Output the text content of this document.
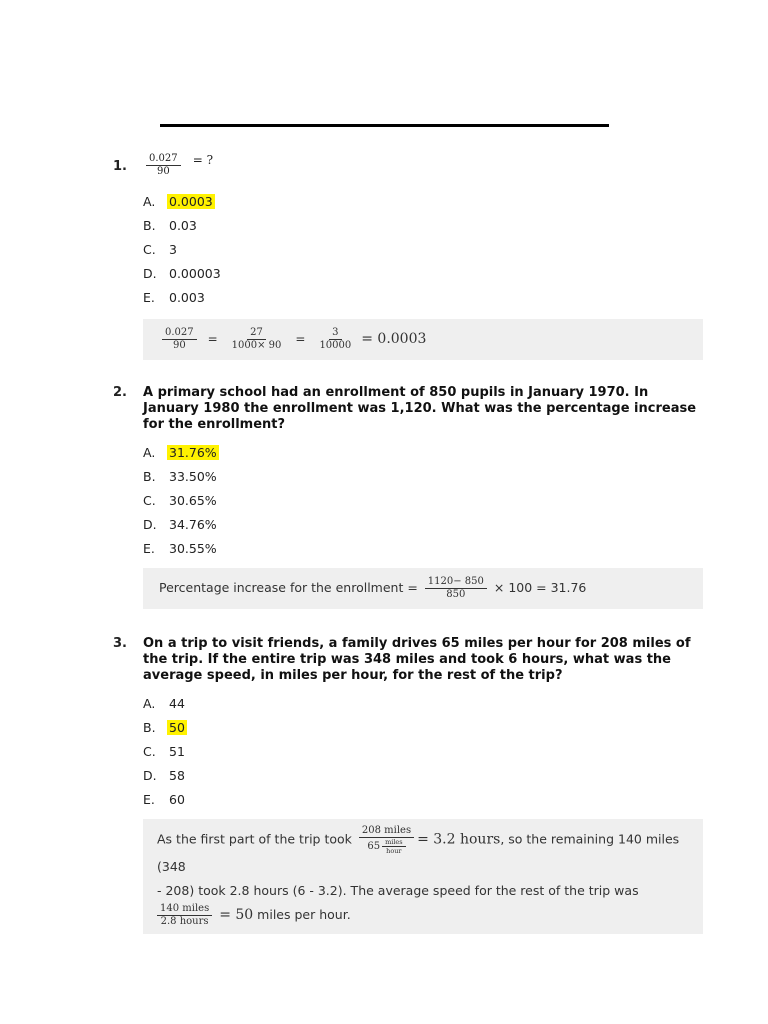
1. $\frac{0.027}{90} ^{= ?}$
A.	0.0003
B.	0.03
C.	3
D. 0.00003
E.	0.003
$\frac{0.027}{90} = \frac{27}{1000\times 90} = \frac{3}{10000} = 0.0003$
2. A primary school had an enrollment of 850 pupils in January 1970. In January 1980 the enrollment was 1,120. What was the percentage increase for the enrollment?
A.	31.76%
B.	33.50%
C.	30.65%
D. 34.76%
E.	30.55%
Percentage increase for the enrollment = $\frac{1120- 850}{850} \times 100 = 31.76$
3. On a trip to visit friends, a family drives 65 miles per hour for 208 miles of the trip. If the entire trip was 348 miles and took 6 hours, what was the average speed, in miles per hour, for the rest of the trip?
A.	44
B.	50
C.	51
D. 58
E.	60
As the first part of the trip took $\frac{\text{208 miles}}{65 \frac{\text{miles}}{\text{hour}}} = 3.2$ hours, so the remaining 140 miles (348
- 208) took 2.8 hours (6 - 3.2). The average speed for the rest of the trip was
$\frac{\text{140 miles}}{\text{2.8 hours}} = 50$ miles per hour.
